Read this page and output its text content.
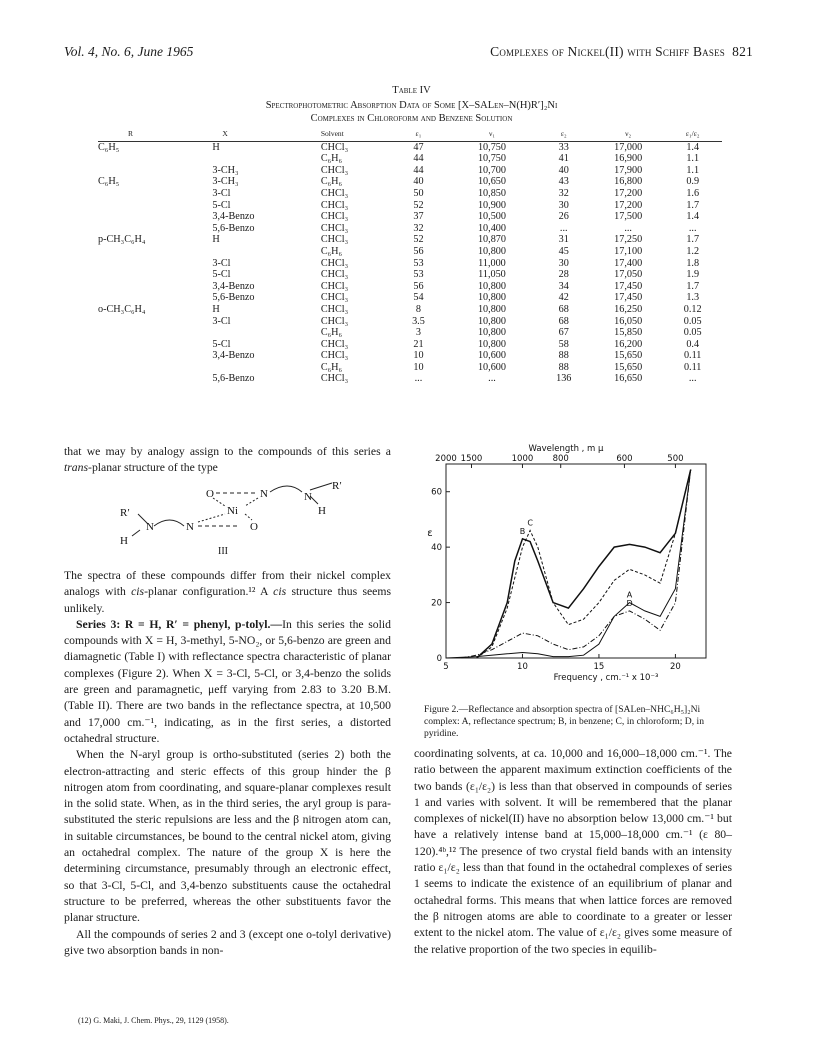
Vol. 4, No. 6, June 1965	Complexes of Nickel(II) with Schiff Bases 821
Table IV
Spectrophotometric Absorption Data of Some [X–SALen–N(H)R′]₂Ni
Complexes in Chloroform and Benzene Solution
R	X	Solvent	ε₁	ν₁	ε₂	ν₂	ε₁/ε₂
C₆H₅	H	CHCl₃	47	10,750	33	17,000	1.4
		C₆H₆	44	10,750	41	16,900	1.1
	3-CH₃	CHCl₃	44	10,700	40	17,900	1.1
C₆H₅	3-CH₃	C₆H₆	40	10,650	43	16,800	0.9
	3-Cl	CHCl₃	50	10,850	32	17,200	1.6
	5-Cl	CHCl₃	52	10,900	30	17,200	1.7
	3,4-Benzo	CHCl₃	37	10,500	26	17,500	1.4
	5,6-Benzo	CHCl₃	32	10,400	...	...	...
p-CH₃C₆H₄	H	CHCl₃	52	10,870	31	17,250	1.7
		C₆H₆	56	10,800	45	17,100	1.2
	3-Cl	CHCl₃	53	11,000	30	17,400	1.8
	5-Cl	CHCl₃	53	11,050	28	17,050	1.9
	3,4-Benzo	CHCl₃	56	10,800	34	17,450	1.7
	5,6-Benzo	CHCl₃	54	10,800	42	17,450	1.3
o-CH₃C₆H₄	H	CHCl₃	8	10,800	68	16,250	0.12
	3-Cl	CHCl₃	3.5	10,800	68	16,050	0.05
		C₆H₆	3	10,800	67	15,850	0.05
	5-Cl	CHCl₃	21	10,800	58	16,200	0.4
	3,4-Benzo	CHCl₃	10	10,600	88	15,650	0.11
		C₆H₆	10	10,600	88	15,650	0.11
	5,6-Benzo	CHCl₃	...	...	136	16,650	...

that we may by analogy assign to the compounds of this series a trans-planar structure of the type

O	N	N
R′
H
Ni
N
N	O
R′
H
III

The spectra of these compounds differ from their nickel complex analogs with cis-planar configuration.¹² A cis structure thus seems unlikely.

Series 3: R = H, R′ = phenyl, p-tolyl.—In this series the solid compounds with X = H, 3-methyl, 5-NO₂, or 5,6-benzo are green and diamagnetic (Table I) with reflectance spectra characteristic of planar complexes (Figure 2). When X = 3-Cl, 5-Cl, or 3,4-benzo the solids are green and paramagnetic, μeff varying from 2.83 to 3.20 B.M. (Table II). There are two bands in the reflectance spectra, at 10,500 and 17,000 cm.⁻¹, indicating, as in the first series, a distorted octahedral structure.

When the N-aryl group is ortho-substituted (series 2) both the electron-attracting and steric effects of this group hinder the β nitrogen atom from coordinating, and square-planar complexes result in the solid state. When, as in the third series, the aryl group is para-substituted the steric repulsions are less and the β nitrogen atom can, in suitable circumstances, be bound to the central nickel atom, giving an octahedral complex. The nature of the group X is here the determining circumstance, presumably through an electronic effect, so that 3-Cl, 5-Cl, and 3,4-benzo substituents cause the octahedral structure to be preferred, whereas the other substituents favor the planar structure.

All the compounds of series 2 and 3 (except one o-tolyl derivative) give two absorption bands in non-

(12) G. Maki, J. Chem. Phys., 29, 1129 (1958).
5	10	15	20
0
20
40
60
2000 1500	1000 800	600	500
Wavelength , m μ
Frequency , cm.⁻¹ x 10⁻³
ε
A
B
C
D
Figure 2.—Reflectance and absorption spectra of [SALen–NHC₆H₅]₂Ni complex: A, reflectance spectrum; B, in benzene; C, in chloroform; D, in pyridine.

coordinating solvents, at ca. 10,000 and 16,000–18,000 cm.⁻¹. The ratio between the apparent maximum extinction coefficients of the two bands (ε₁/ε₂) is less than that observed in compounds of series 1 and varies with solvent. It will be remembered that the planar complexes of nickel(II) have no absorption below 13,000 cm.⁻¹ but have a relatively intense band at 15,000–18,000 cm.⁻¹ (ε 80–120).⁴ᵇ,¹² The presence of two crystal field bands with an intensity ratio ε₁/ε₂ less than that found in the octahedral complexes of series 1 seems to indicate the existence of an equilibrium of planar and octahedral forms. This means that when lattice forces are removed the β nitrogen atoms are able to coordinate to a greater or lesser extent to the nickel atom. The value of ε₁/ε₂ gives some measure of the relative proportion of the two species in equilib-
